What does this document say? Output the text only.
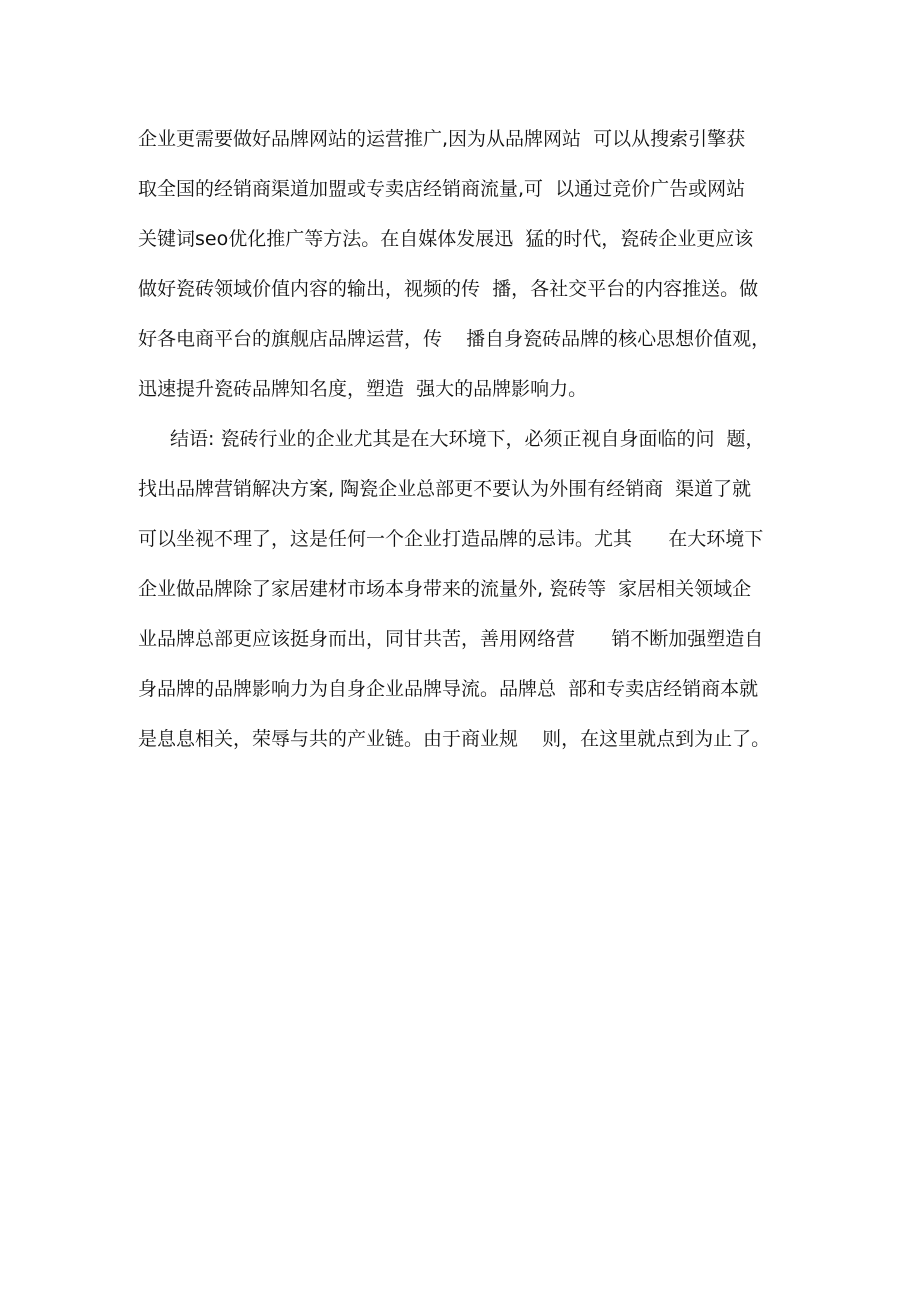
企业更需要做好品牌网站的运营推广,因为从品牌网站  可以从搜索引擎获

取全国的经销商渠道加盟或专卖店经销商流量,可  以通过竞价广告或网站

关键词seo优化推广等方法。在自媒体发展迅  猛的时代，瓷砖企业更应该

做好瓷砖领域价值内容的输出，视频的传  播，各社交平台的内容推送。做

好各电商平台的旗舰店品牌运营，传    播自身瓷砖品牌的核心思想价值观，

迅速提升瓷砖品牌知名度，塑造  强大的品牌影响力。

结语: 瓷砖行业的企业尤其是在大环境下，必须正视自身面临的问  题，

找出品牌营销解决方案, 陶瓷企业总部更不要认为外围有经销商  渠道了就

可以坐视不理了，这是任何一个企业打造品牌的忌讳。尤其      在大环境下

企业做品牌除了家居建材市场本身带来的流量外, 瓷砖等  家居相关领域企

业品牌总部更应该挺身而出，同甘共苦，善用网络营      销不断加强塑造自

身品牌的品牌影响力为自身企业品牌导流。品牌总  部和专卖店经销商本就

是息息相关，荣辱与共的产业链。由于商业规    则，在这里就点到为止了。
